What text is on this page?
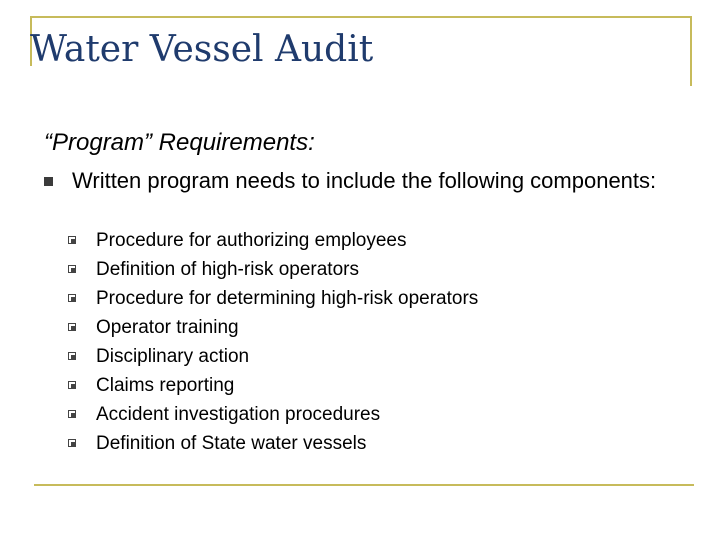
Water Vessel Audit
“Program” Requirements:
Written program needs to include the following components:
Procedure for authorizing employees
Definition of high-risk operators
Procedure for determining high-risk operators
Operator training
Disciplinary action
Claims reporting
Accident investigation procedures
Definition of State water vessels
